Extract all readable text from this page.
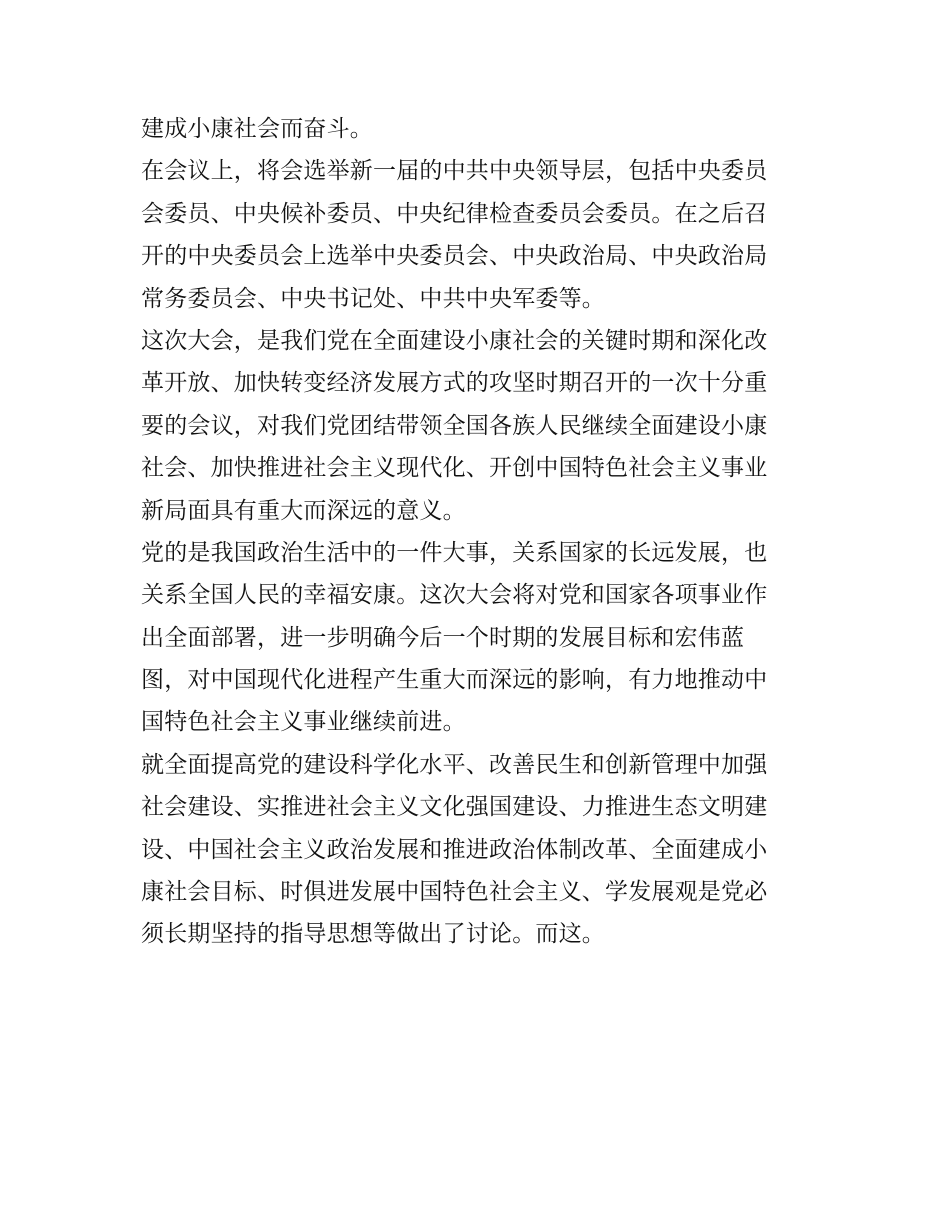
建成小康社会而奋斗。
在会议上，将会选举新一届的中共中央领导层，包括中央委员
会委员、中央候补委员、中央纪律检查委员会委员。在之后召
开的中央委员会上选举中央委员会、中央政治局、中央政治局
常务委员会、中央书记处、中共中央军委等。
这次大会，是我们党在全面建设小康社会的关键时期和深化改
革开放、加快转变经济发展方式的攻坚时期召开的一次十分重
要的会议，对我们党团结带领全国各族人民继续全面建设小康
社会、加快推进社会主义现代化、开创中国特色社会主义事业
新局面具有重大而深远的意义。
党的是我国政治生活中的一件大事，关系国家的长远发展，也
关系全国人民的幸福安康。这次大会将对党和国家各项事业作
出全面部署，进一步明确今后一个时期的发展目标和宏伟蓝
图，对中国现代化进程产生重大而深远的影响，有力地推动中
国特色社会主义事业继续前进。
就全面提高党的建设科学化水平、改善民生和创新管理中加强
社会建设、实推进社会主义文化强国建设、力推进生态文明建
设、中国社会主义政治发展和推进政治体制改革、全面建成小
康社会目标、时俱进发展中国特色社会主义、学发展观是党必
须长期坚持的指导思想等做出了讨论。而这。
